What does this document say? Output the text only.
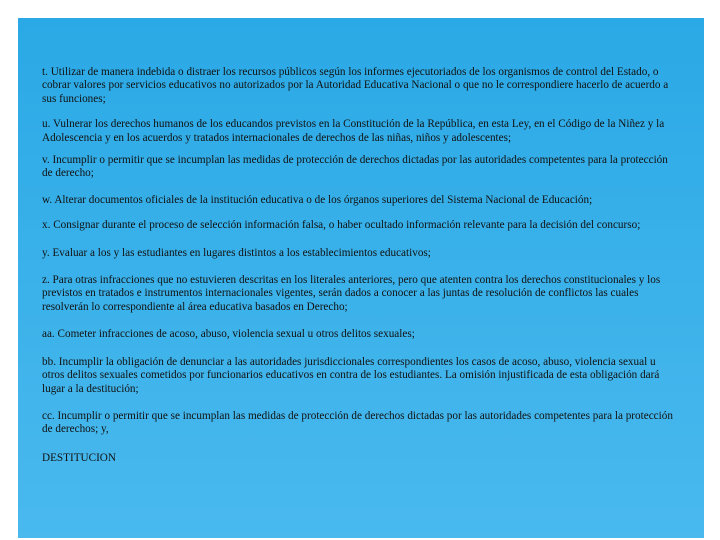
t. Utilizar de manera indebida o distraer los recursos públicos según los informes ejecutoriados de los organismos de control del Estado, o cobrar valores por servicios educativos no autorizados por la Autoridad Educativa Nacional o que no le correspondiere hacerlo de acuerdo a sus funciones;

u. Vulnerar los derechos humanos de los educandos previstos en la Constitución de la República, en esta Ley, en el Código de la Niñez y la Adolescencia y en los acuerdos y tratados internacionales de derechos de las niñas, niños y adolescentes;

v. Incumplir o permitir que se incumplan las medidas de protección de derechos dictadas por las autoridades competentes para la protección de derecho;

w. Alterar documentos oficiales de la institución educativa o de los órganos superiores del Sistema Nacional de Educación;

x. Consignar durante el proceso de selección información falsa, o haber ocultado información relevante para la decisión del concurso;

y. Evaluar a los y las estudiantes en lugares distintos a los establecimientos educativos;

z. Para otras infracciones que no estuvieren descritas en los literales anteriores, pero que atenten contra los derechos constitucionales y los previstos en tratados e instrumentos internacionales vigentes, serán dados a conocer a las juntas de resolución de conflictos las cuales resolverán lo correspondiente al área educativa basados en Derecho;

aa. Cometer infracciones de acoso, abuso, violencia sexual u otros delitos sexuales;

bb. Incumplir la obligación de denunciar a las autoridades jurisdiccionales correspondientes los casos de acoso, abuso, violencia sexual u otros delitos sexuales cometidos por funcionarios educativos en contra de los estudiantes. La omisión injustificada de esta obligación dará lugar a la destitución;

cc. Incumplir o permitir que se incumplan las medidas de protección de derechos dictadas por las autoridades competentes para la protección de derechos; y,

DESTITUCION
